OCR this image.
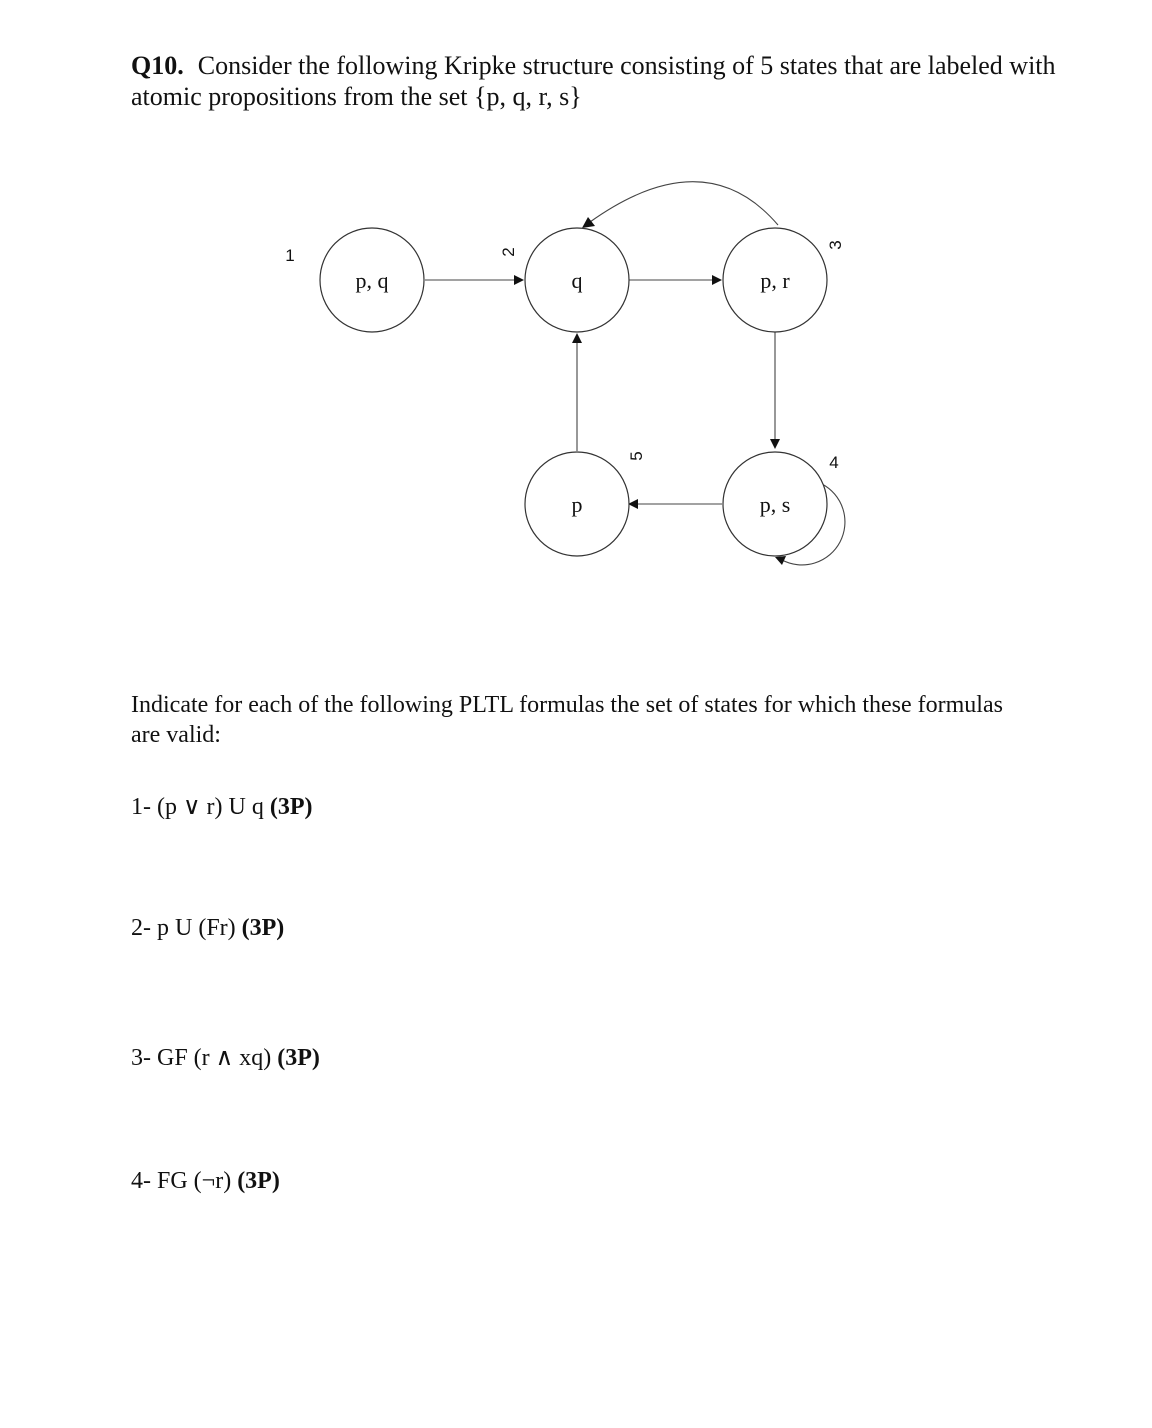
Q10. Consider the following Kripke structure consisting of 5 states that are labeled with atomic propositions from the set {p, q, r, s}
p, q
1
q
2
p, r
3
p, s
4
p
5
Indicate for each of the following PLTL formulas the set of states for which these formulas are valid:
1- (p ∨ r) U q (3P)
2- p U (Fr) (3P)
3- GF (r ∧ xq) (3P)
4- FG (¬r) (3P)
